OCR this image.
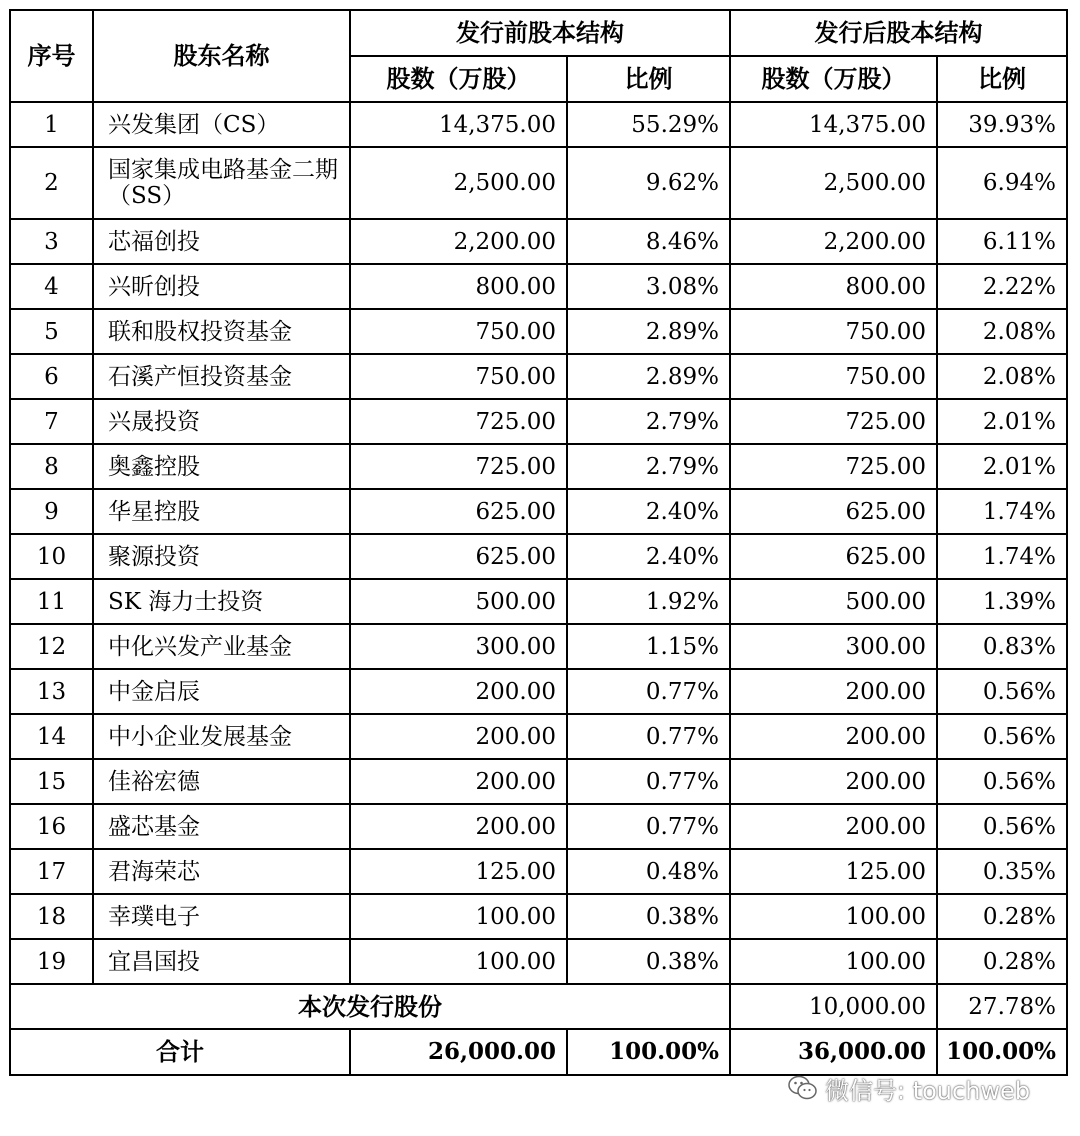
序号	股东名称	发行前股本结构		发行后股本结构	
		股数（万股）	比例	股数（万股）	比例
1	兴发集团（CS）	14,375.00	55.29%	14,375.00	39.93%
2	国家集成电路基金二期（SS）	2,500.00	9.62%	2,500.00	6.94%
3	芯福创投	2,200.00	8.46%	2,200.00	6.11%
4	兴昕创投	800.00	3.08%	800.00	2.22%
5	联和股权投资基金	750.00	2.89%	750.00	2.08%
6	石溪产恒投资基金	750.00	2.89%	750.00	2.08%
7	兴晟投资	725.00	2.79%	725.00	2.01%
8	奥鑫控股	725.00	2.79%	725.00	2.01%
9	华星控股	625.00	2.40%	625.00	1.74%
10	聚源投资	625.00	2.40%	625.00	1.74%
11	SK 海力士投资	500.00	1.92%	500.00	1.39%
12	中化兴发产业基金	300.00	1.15%	300.00	0.83%
13	中金启辰	200.00	0.77%	200.00	0.56%
14	中小企业发展基金	200.00	0.77%	200.00	0.56%
15	佳裕宏德	200.00	0.77%	200.00	0.56%
16	盛芯基金	200.00	0.77%	200.00	0.56%
17	君海荣芯	125.00	0.48%	125.00	0.35%
18	幸璞电子	100.00	0.38%	100.00	0.28%
19	宜昌国投	100.00	0.38%	100.00	0.28%
本次发行股份				10,000.00	27.78%
合计		26,000.00	100.00%	36,000.00	100.00%
微信号: touchweb
